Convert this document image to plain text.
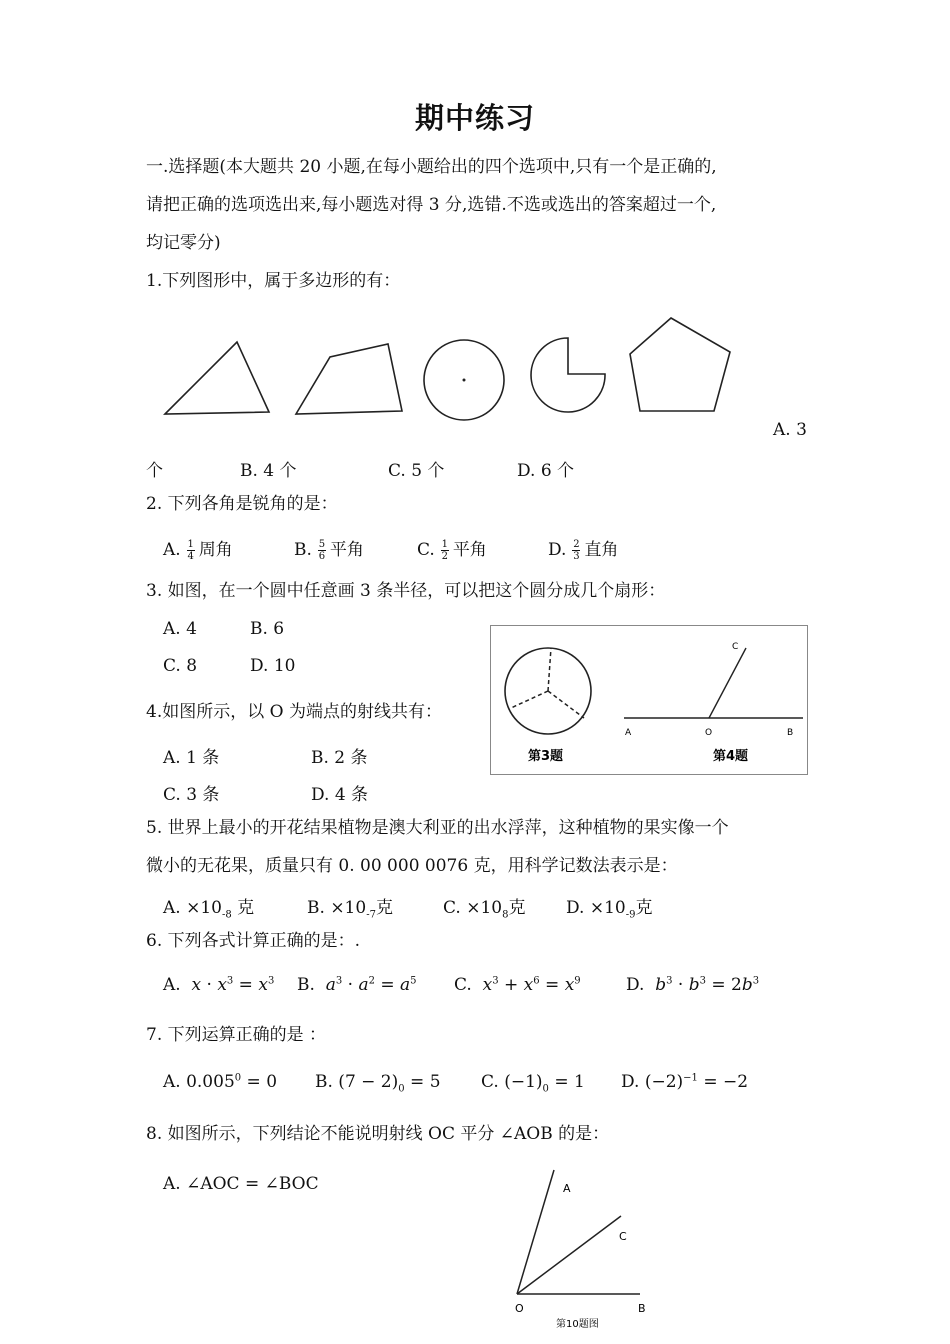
期中练习
一.选择题(本大题共 20 小题,在每小题给出的四个选项中,只有一个是正确的,
请把正确的选项选出来,每小题选对得 3 分,选错.不选或选出的答案超过一个,
均记零分)
1.下列图形中，属于多边形的有：
A. 3
个	B. 4 个	C. 5 个	D. 6 个
2. 下列各角是锐角的是：
A. $\frac{1}{4}$ 周角	B. $\frac{5}{6}$ 平角	C. $\frac{1}{2}$ 平角	D. $\frac{2}{3}$ 直角
3. 如图，在一个圆中任意画 3 条半径，可以把这个圆分成几个扇形：
A. 4	B. 6
C. 8	D. 10
第3题
A	O	B
C
第4题
4.如图所示，以 O 为端点的射线共有：
A. 1 条	B. 2 条
C. 3 条	D. 4 条
5. 世界上最小的开花结果植物是澳大利亚的出水浮萍，这种植物的果实像一个
微小的无花果，质量只有 0. 00 000 0076 克，用科学记数法表示是：
A. $\times 10_{-8}$ 克	B. $\times 10_{-7}$克	C. $\times 10_8$克 D. $\times 10_{-9}$克
6. 下列各式计算正确的是：.
A. $x \cdot x^3 = x^3$ B. $a^3 \cdot a^2 = a^5$ C. $x^3 + x^6 = x^9$	D. $b^3 \cdot b^3 = 2b^3$
7. 下列运算正确的是 ：
A. $0.005^0 = 0$ B. $(7 - 2)_0 = 5$ C. $(-1)_0 = 1$ D. $(-2)^{-1} = -2$
8. 如图所示，下列结论不能说明射线 OC 平分 ∠AOB 的是：
A. ∠AOC = ∠BOC	A
C
O	B
第10题图
